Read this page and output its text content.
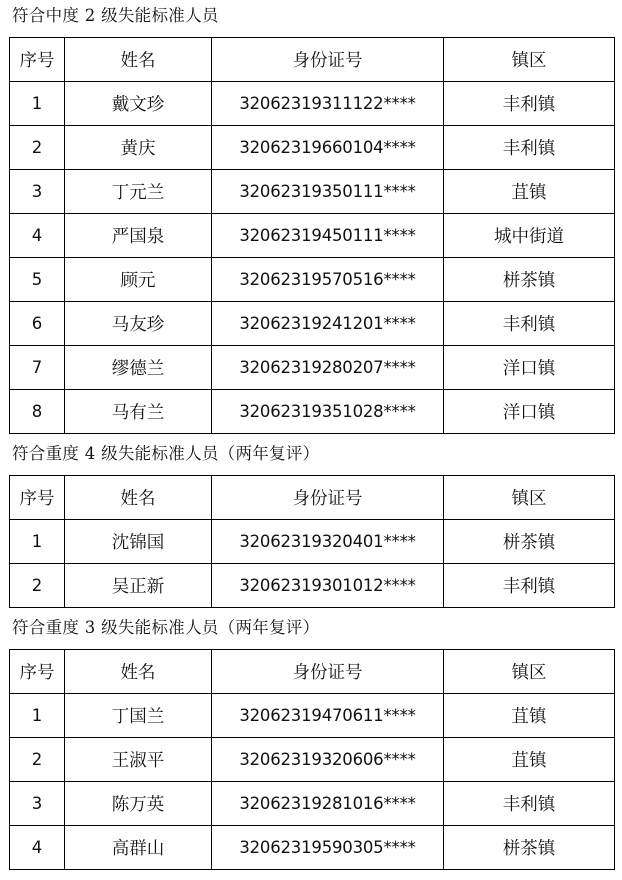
符合中度 2 级失能标准人员
序号	姓名	身份证号	镇区
1	戴文珍	32062319311122****	丰利镇
2	黄庆	32062319660104****	丰利镇
3	丁元兰	32062319350111****	苴镇
4	严国泉	32062319450111****	城中街道
5	顾元	32062319570516****	栟茶镇
6	马友珍	32062319241201****	丰利镇
7	缪德兰	32062319280207****	洋口镇
8	马有兰	32062319351028****	洋口镇
符合重度 4 级失能标准人员（两年复评）
序号	姓名	身份证号	镇区
1	沈锦国	32062319320401****	栟茶镇
2	吴正新	32062319301012****	丰利镇
符合重度 3 级失能标准人员（两年复评）
序号	姓名	身份证号	镇区
1	丁国兰	32062319470611****	苴镇
2	王淑平	32062319320606****	苴镇
3	陈万英	32062319281016****	丰利镇
4	高群山	32062319590305****	栟茶镇
